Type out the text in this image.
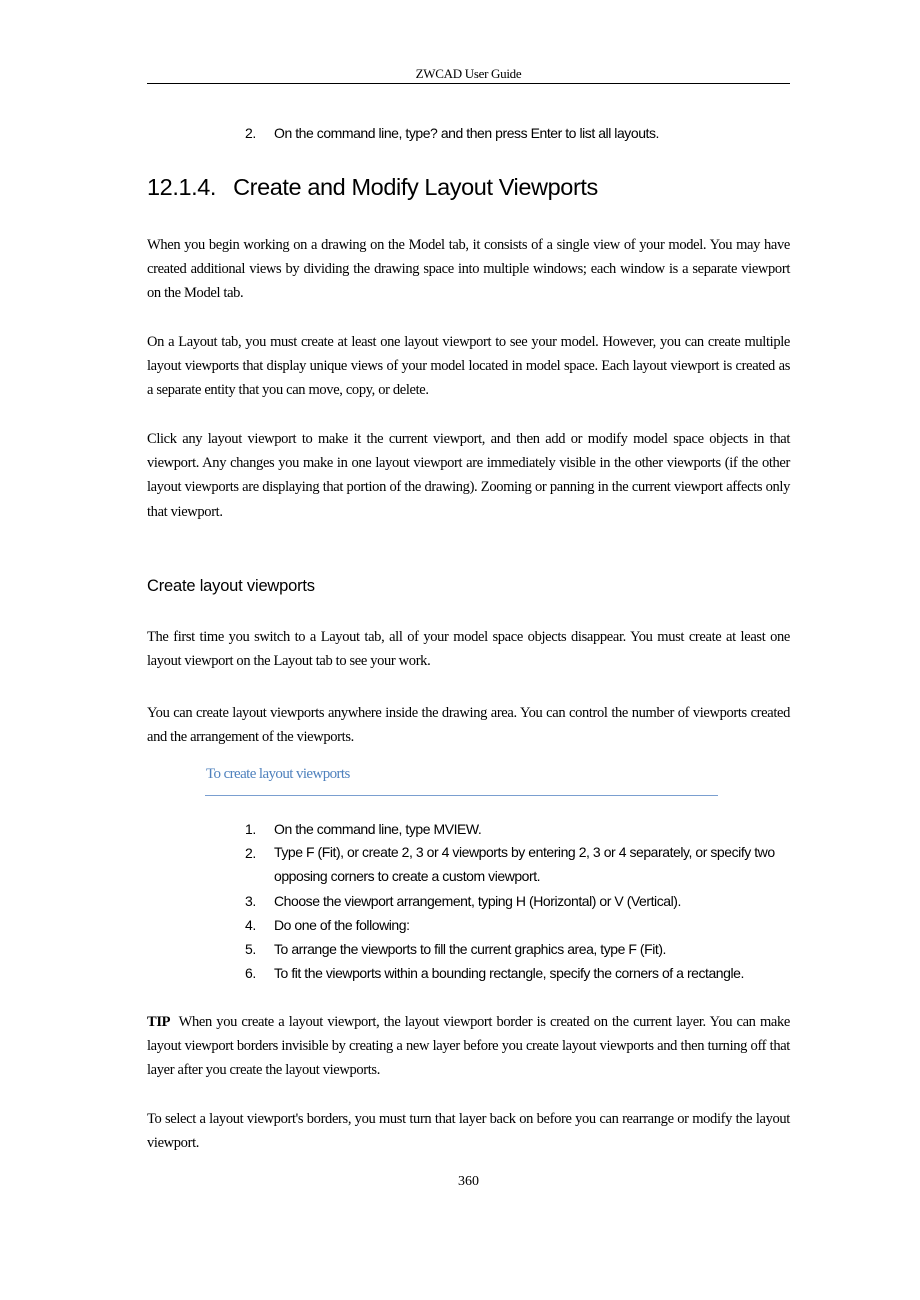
ZWCAD User Guide
2. On the command line, type? and then press Enter to list all layouts.
12.1.4. Create and Modify Layout Viewports
When you begin working on a drawing on the Model tab, it consists of a single view of your model. You may have created additional views by dividing the drawing space into multiple windows; each window is a separate viewport on the Model tab.
On a Layout tab, you must create at least one layout viewport to see your model. However, you can create multiple layout viewports that display unique views of your model located in model space. Each layout viewport is created as a separate entity that you can move, copy, or delete.
Click any layout viewport to make it the current viewport, and then add or modify model space objects in that viewport. Any changes you make in one layout viewport are immediately visible in the other viewports (if the other layout viewports are displaying that portion of the drawing). Zooming or panning in the current viewport affects only that viewport.
Create layout viewports
The first time you switch to a Layout tab, all of your model space objects disappear. You must create at least one layout viewport on the Layout tab to see your work.
You can create layout viewports anywhere inside the drawing area. You can control the number of viewports created and the arrangement of the viewports.
To create layout viewports
1. On the command line, type MVIEW.
2. Type F (Fit), or create 2, 3 or 4 viewports by entering 2, 3 or 4 separately, or specify two opposing corners to create a custom viewport.
3. Choose the viewport arrangement, typing H (Horizontal) or V (Vertical).
4. Do one of the following:
5. To arrange the viewports to fill the current graphics area, type F (Fit).
6. To fit the viewports within a bounding rectangle, specify the corners of a rectangle.
TIP When you create a layout viewport, the layout viewport border is created on the current layer. You can make layout viewport borders invisible by creating a new layer before you create layout viewports and then turning off that layer after you create the layout viewports.
To select a layout viewport's borders, you must turn that layer back on before you can rearrange or modify the layout viewport.
360
